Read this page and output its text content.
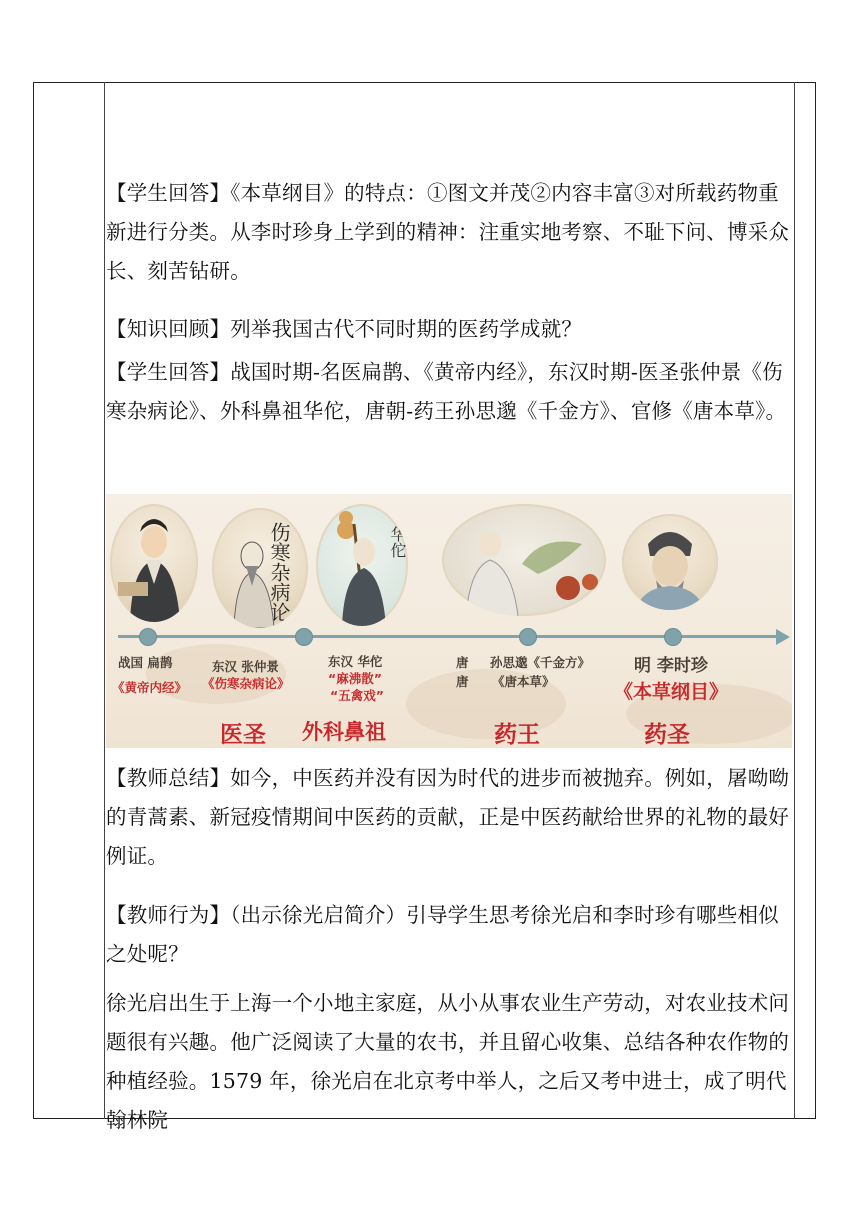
【学生回答】《本草纲目》的特点：①图文并茂②内容丰富③对所载药物重新进行分类。从李时珍身上学到的精神：注重实地考察、不耻下问、博采众长、刻苦钻研。
【知识回顾】列举我国古代不同时期的医药学成就？
【学生回答】战国时期-名医扁鹊、《黄帝内经》，东汉时期-医圣张仲景《伤寒杂病论》、外科鼻祖华佗，唐朝-药王孙思邈《千金方》、官修《唐本草》。
伤寒杂病论	华佗
战国 扁鹊
《黄帝内经》
东汉 张仲景
《伤寒杂病论》
东汉 华佗
“麻沸散”
“五禽戏”
唐
唐
孙思邈《千金方》
《唐本草》
明 李时珍
《本草纲目》
医圣 外科鼻祖	药王	药圣
【教师总结】如今，中医药并没有因为时代的进步而被抛弃。例如，屠呦呦的青蒿素、新冠疫情期间中医药的贡献，正是中医药献给世界的礼物的最好例证。
【教师行为】（出示徐光启简介）引导学生思考徐光启和李时珍有哪些相似之处呢？
徐光启出生于上海一个小地主家庭，从小从事农业生产劳动，对农业技术问题很有兴趣。他广泛阅读了大量的农书，并且留心收集、总结各种农作物的种植经验。1579 年，徐光启在北京考中举人，之后又考中进士，成了明代翰林院
